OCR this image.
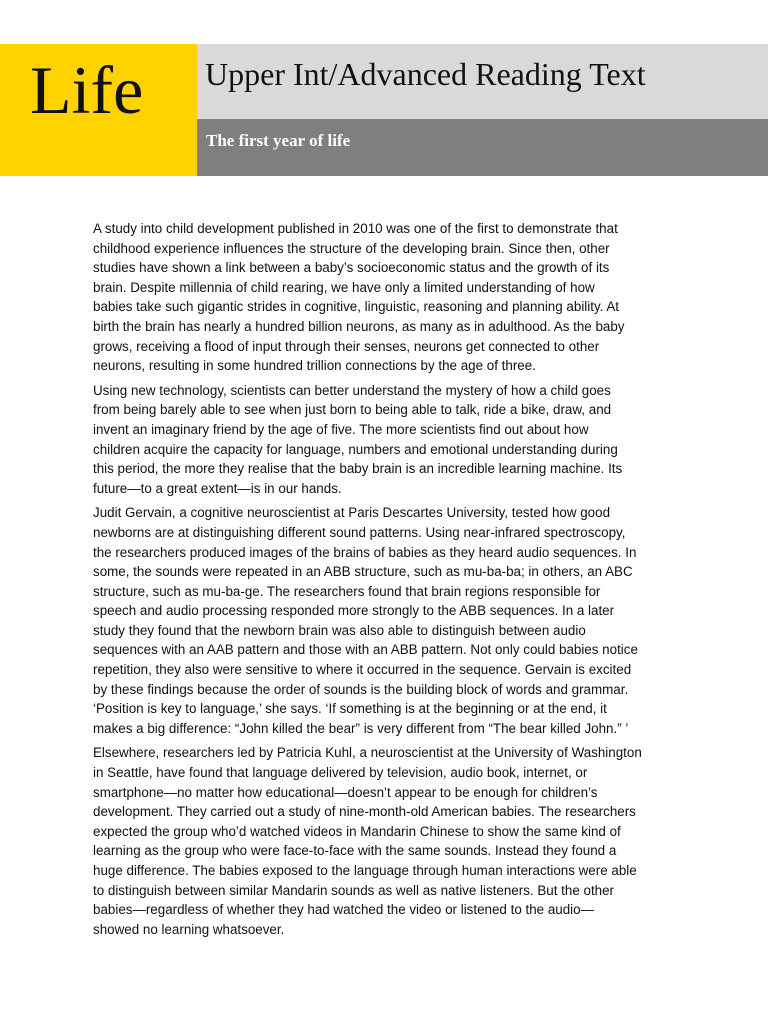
Life Upper Int/Advanced Reading Text
The first year of life

A study into child development published in 2010 was one of the first to demonstrate that
childhood experience influences the structure of the developing brain. Since then, other
studies have shown a link between a baby’s socioeconomic status and the growth of its
brain. Despite millennia of child rearing, we have only a limited understanding of how
babies take such gigantic strides in cognitive, linguistic, reasoning and planning ability. At
birth the brain has nearly a hundred billion neurons, as many as in adulthood. As the baby
grows, receiving a flood of input through their senses, neurons get connected to other
neurons, resulting in some hundred trillion connections by the age of three.

Using new technology, scientists can better understand the mystery of how a child goes
from being barely able to see when just born to being able to talk, ride a bike, draw, and
invent an imaginary friend by the age of five. The more scientists find out about how
children acquire the capacity for language, numbers and emotional understanding during
this period, the more they realise that the baby brain is an incredible learning machine. Its
future—to a great extent—is in our hands.

Judit Gervain, a cognitive neuroscientist at Paris Descartes University, tested how good
newborns are at distinguishing different sound patterns. Using near-infrared spectroscopy,
the researchers produced images of the brains of babies as they heard audio sequences. In
some, the sounds were repeated in an ABB structure, such as mu-ba-ba; in others, an ABC
structure, such as mu-ba-ge. The researchers found that brain regions responsible for
speech and audio processing responded more strongly to the ABB sequences. In a later
study they found that the newborn brain was also able to distinguish between audio
sequences with an AAB pattern and those with an ABB pattern. Not only could babies notice
repetition, they also were sensitive to where it occurred in the sequence. Gervain is excited
by these findings because the order of sounds is the building block of words and grammar.
‘Position is key to language,’ she says. ‘If something is at the beginning or at the end, it
makes a big difference: “John killed the bear” is very different from “The bear killed John.” ’

Elsewhere, researchers led by Patricia Kuhl, a neuroscientist at the University of Washington
in Seattle, have found that language delivered by television, audio book, internet, or
smartphone—no matter how educational—doesn’t appear to be enough for children’s
development. They carried out a study of nine-month-old American babies. The researchers
expected the group who’d watched videos in Mandarin Chinese to show the same kind of
learning as the group who were face-to-face with the same sounds. Instead they found a
huge difference. The babies exposed to the language through human interactions were able
to distinguish between similar Mandarin sounds as well as native listeners. But the other
babies—regardless of whether they had watched the video or listened to the audio—
showed no learning whatsoever.
